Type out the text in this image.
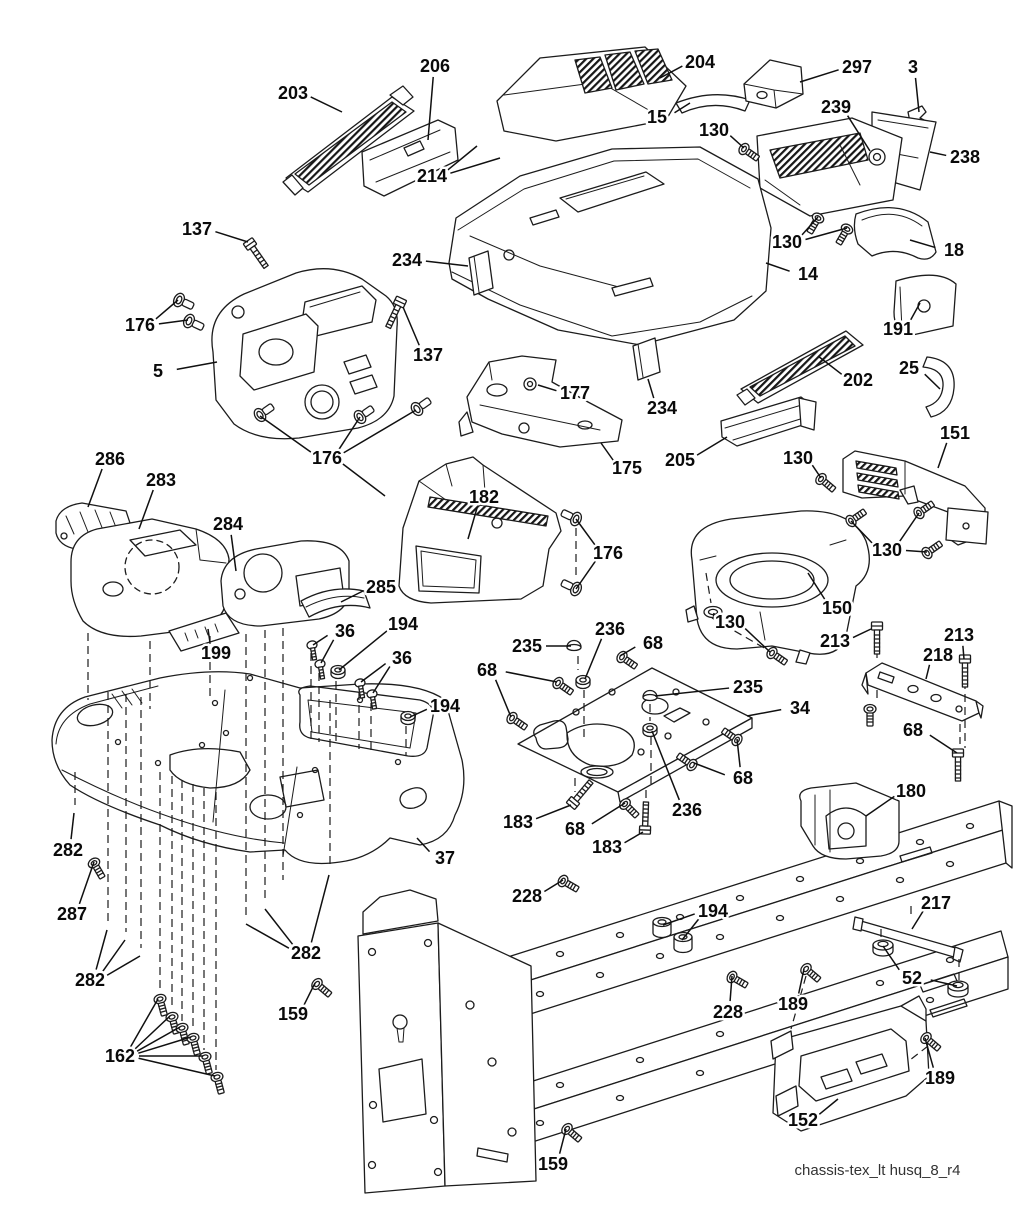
203
206	204	297 3
15	239
130
238
214
137
234
130	18
14
176	191
137
5
177
202
25
234
205
151
176	175	130
286
283
182
284
176	130
285
150
199
36 194
36
235
236
68
130
68
235
213	213
218
194	34
68
68
236
180
183 68
183
282	37
287
228
194	217
282
282
159	228
52
189
162
189
152
159	chassis-tex_lt husq_8_r4
